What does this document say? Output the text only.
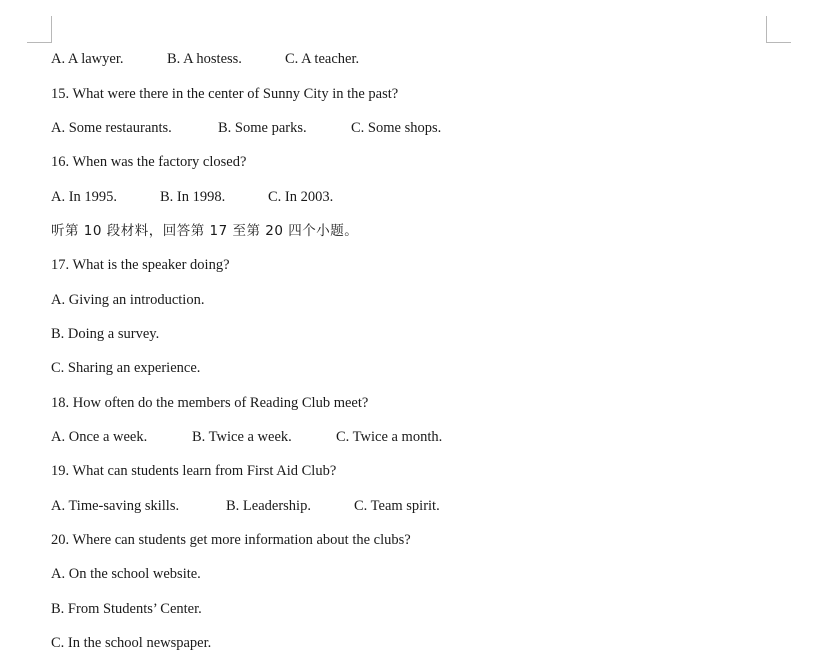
A. A lawyer.	B. A hostess.	C. A teacher.
15. What were there in the center of Sunny City in the past?
A. Some restaurants.	B. Some parks.	C. Some shops.
16. When was the factory closed?
A. In 1995.	B. In 1998.	C. In 2003.
听第 10 段材料，回答第 17 至第 20 四个小题。
17. What is the speaker doing?
A. Giving an introduction.
B. Doing a survey.
C. Sharing an experience.
18. How often do the members of Reading Club meet?
A. Once a week.	B. Twice a week.	C. Twice a month.
19. What can students learn from First Aid Club?
A. Time-saving skills.	B. Leadership.	C. Team spirit.
20. Where can students get more information about the clubs?
A. On the school website.
B. From Students’ Center.
C. In the school newspaper.
